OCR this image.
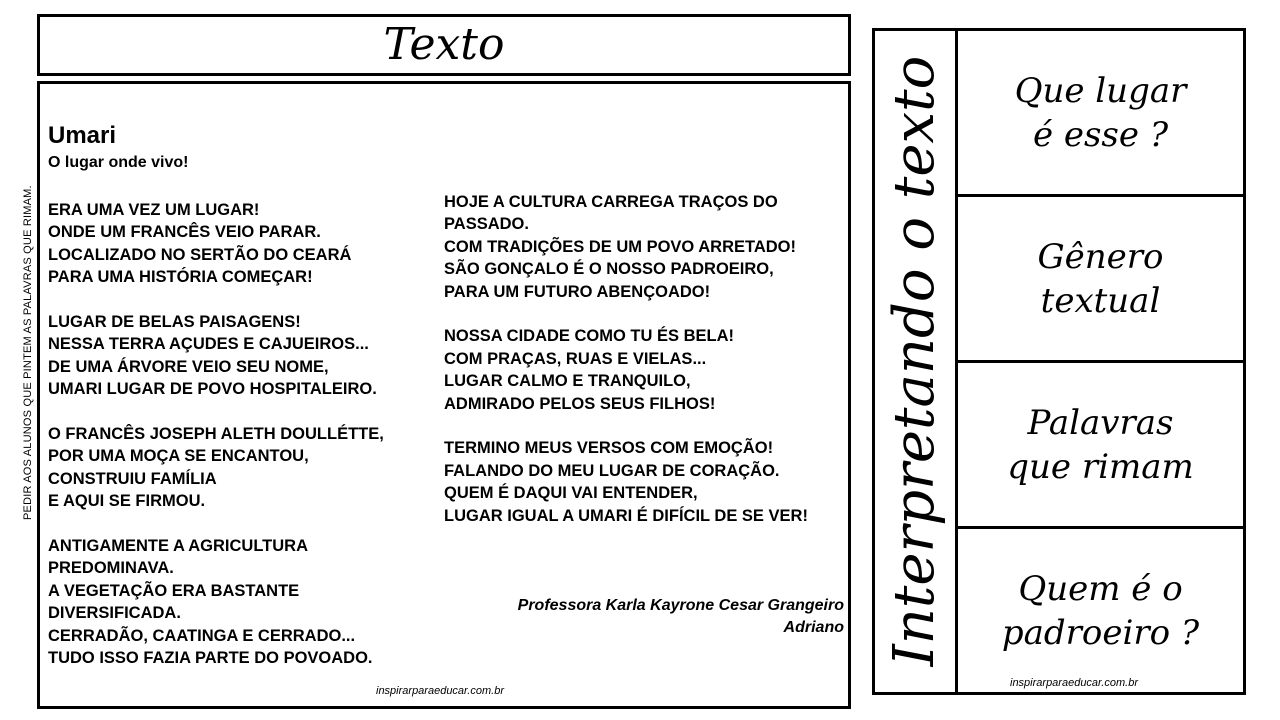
PEDIR AOS ALUNOS QUE PINTEM AS PALAVRAS QUE RIMAM.
Texto
Umari
O lugar onde vivo!
ERA UMA VEZ UM LUGAR!
ONDE UM FRANCÊS VEIO PARAR.
LOCALIZADO NO SERTÃO DO CEARÁ
PARA UMA HISTÓRIA COMEÇAR!
LUGAR DE BELAS PAISAGENS!
NESSA TERRA AÇUDES E CAJUEIROS...
DE UMA ÁRVORE VEIO SEU NOME,
UMARI LUGAR DE POVO HOSPITALEIRO.
O FRANCÊS JOSEPH ALETH DOULLÉTTE,
POR UMA MOÇA SE ENCANTOU,
CONSTRUIU FAMÍLIA
E AQUI SE FIRMOU.
ANTIGAMENTE A AGRICULTURA
PREDOMINAVA.
A VEGETAÇÃO ERA BASTANTE
DIVERSIFICADA.
CERRADÃO, CAATINGA E CERRADO...
TUDO ISSO FAZIA PARTE DO POVOADO.
HOJE A CULTURA CARREGA TRAÇOS DO PASSADO.
COM TRADIÇÕES DE UM POVO ARRETADO!
SÃO GONÇALO É O NOSSO PADROEIRO,
PARA UM FUTURO ABENÇOADO!
NOSSA CIDADE COMO TU ÉS BELA!
COM PRAÇAS, RUAS E VIELAS...
LUGAR CALMO E TRANQUILO,
ADMIRADO PELOS SEUS FILHOS!
TERMINO MEUS VERSOS COM EMOÇÃO!
FALANDO DO MEU LUGAR DE CORAÇÃO.
QUEM É DAQUI VAI ENTENDER,
LUGAR IGUAL A UMARI É DIFÍCIL DE SE VER!
Professora Karla Kayrone Cesar Grangeiro
Adriano
inspirarparaeducar.com.br
Interpretando o texto Que lugar
é esse ?
Gênero
textual
Palavras
que rimam
Quem é o
padroeiro ?
inspirarparaeducar.com.br
